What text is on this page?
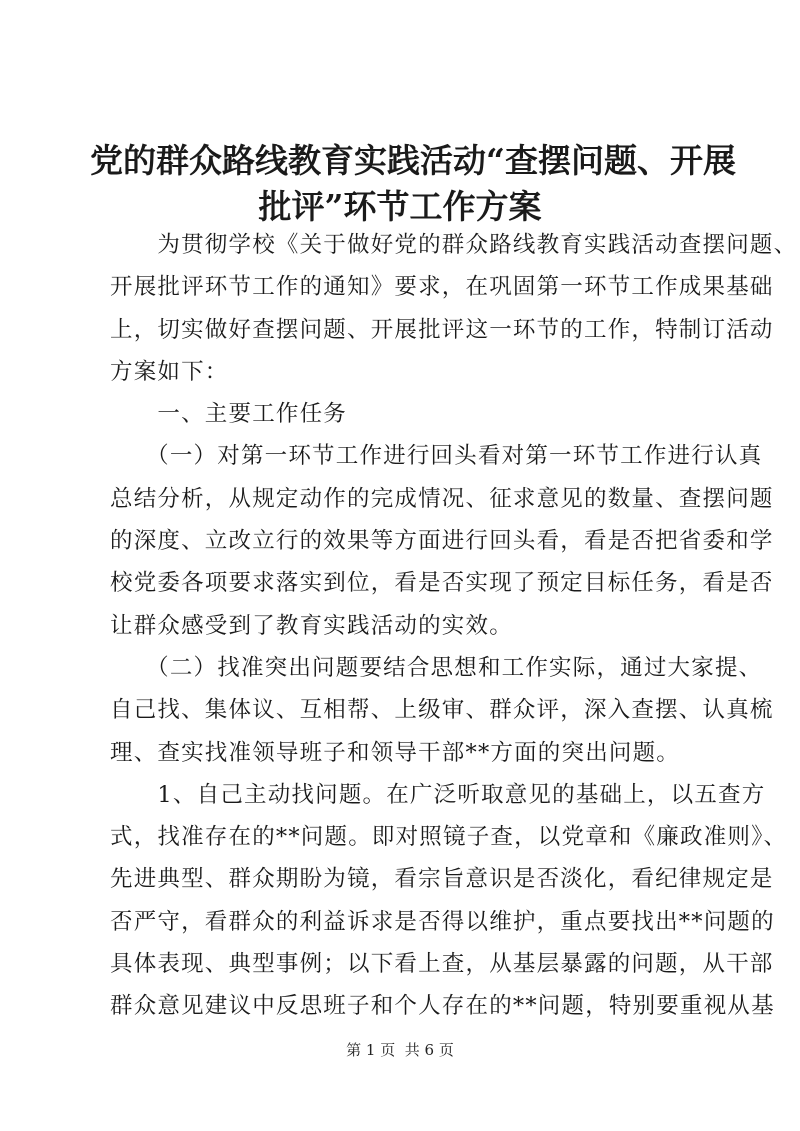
党的群众路线教育实践活动“查摆问题、开展
批评”环节工作方案
　　为贯彻学校《关于做好党的群众路线教育实践活动查摆问题、
开展批评环节工作的通知》要求，在巩固第一环节工作成果基础
上，切实做好查摆问题、开展批评这一环节的工作，特制订活动
方案如下：
　　一、主要工作任务
　　（一）对第一环节工作进行回头看对第一环节工作进行认真
总结分析，从规定动作的完成情况、征求意见的数量、查摆问题
的深度、立改立行的效果等方面进行回头看，看是否把省委和学
校党委各项要求落实到位，看是否实现了预定目标任务，看是否
让群众感受到了教育实践活动的实效。
　　（二）找准突出问题要结合思想和工作实际，通过大家提、
自己找、集体议、互相帮、上级审、群众评，深入查摆、认真梳
理、查实找准领导班子和领导干部**方面的突出问题。
　　1、自己主动找问题。在广泛听取意见的基础上，以五查方
式，找准存在的**问题。即对照镜子查，以党章和《廉政准则》、
先进典型、群众期盼为镜，看宗旨意识是否淡化，看纪律规定是
否严守，看群众的利益诉求是否得以维护，重点要找出**问题的
具体表现、典型事例；以下看上查，从基层暴露的问题，从干部
群众意见建议中反思班子和个人存在的**问题，特别要重视从基
第 1 页  共 6 页
